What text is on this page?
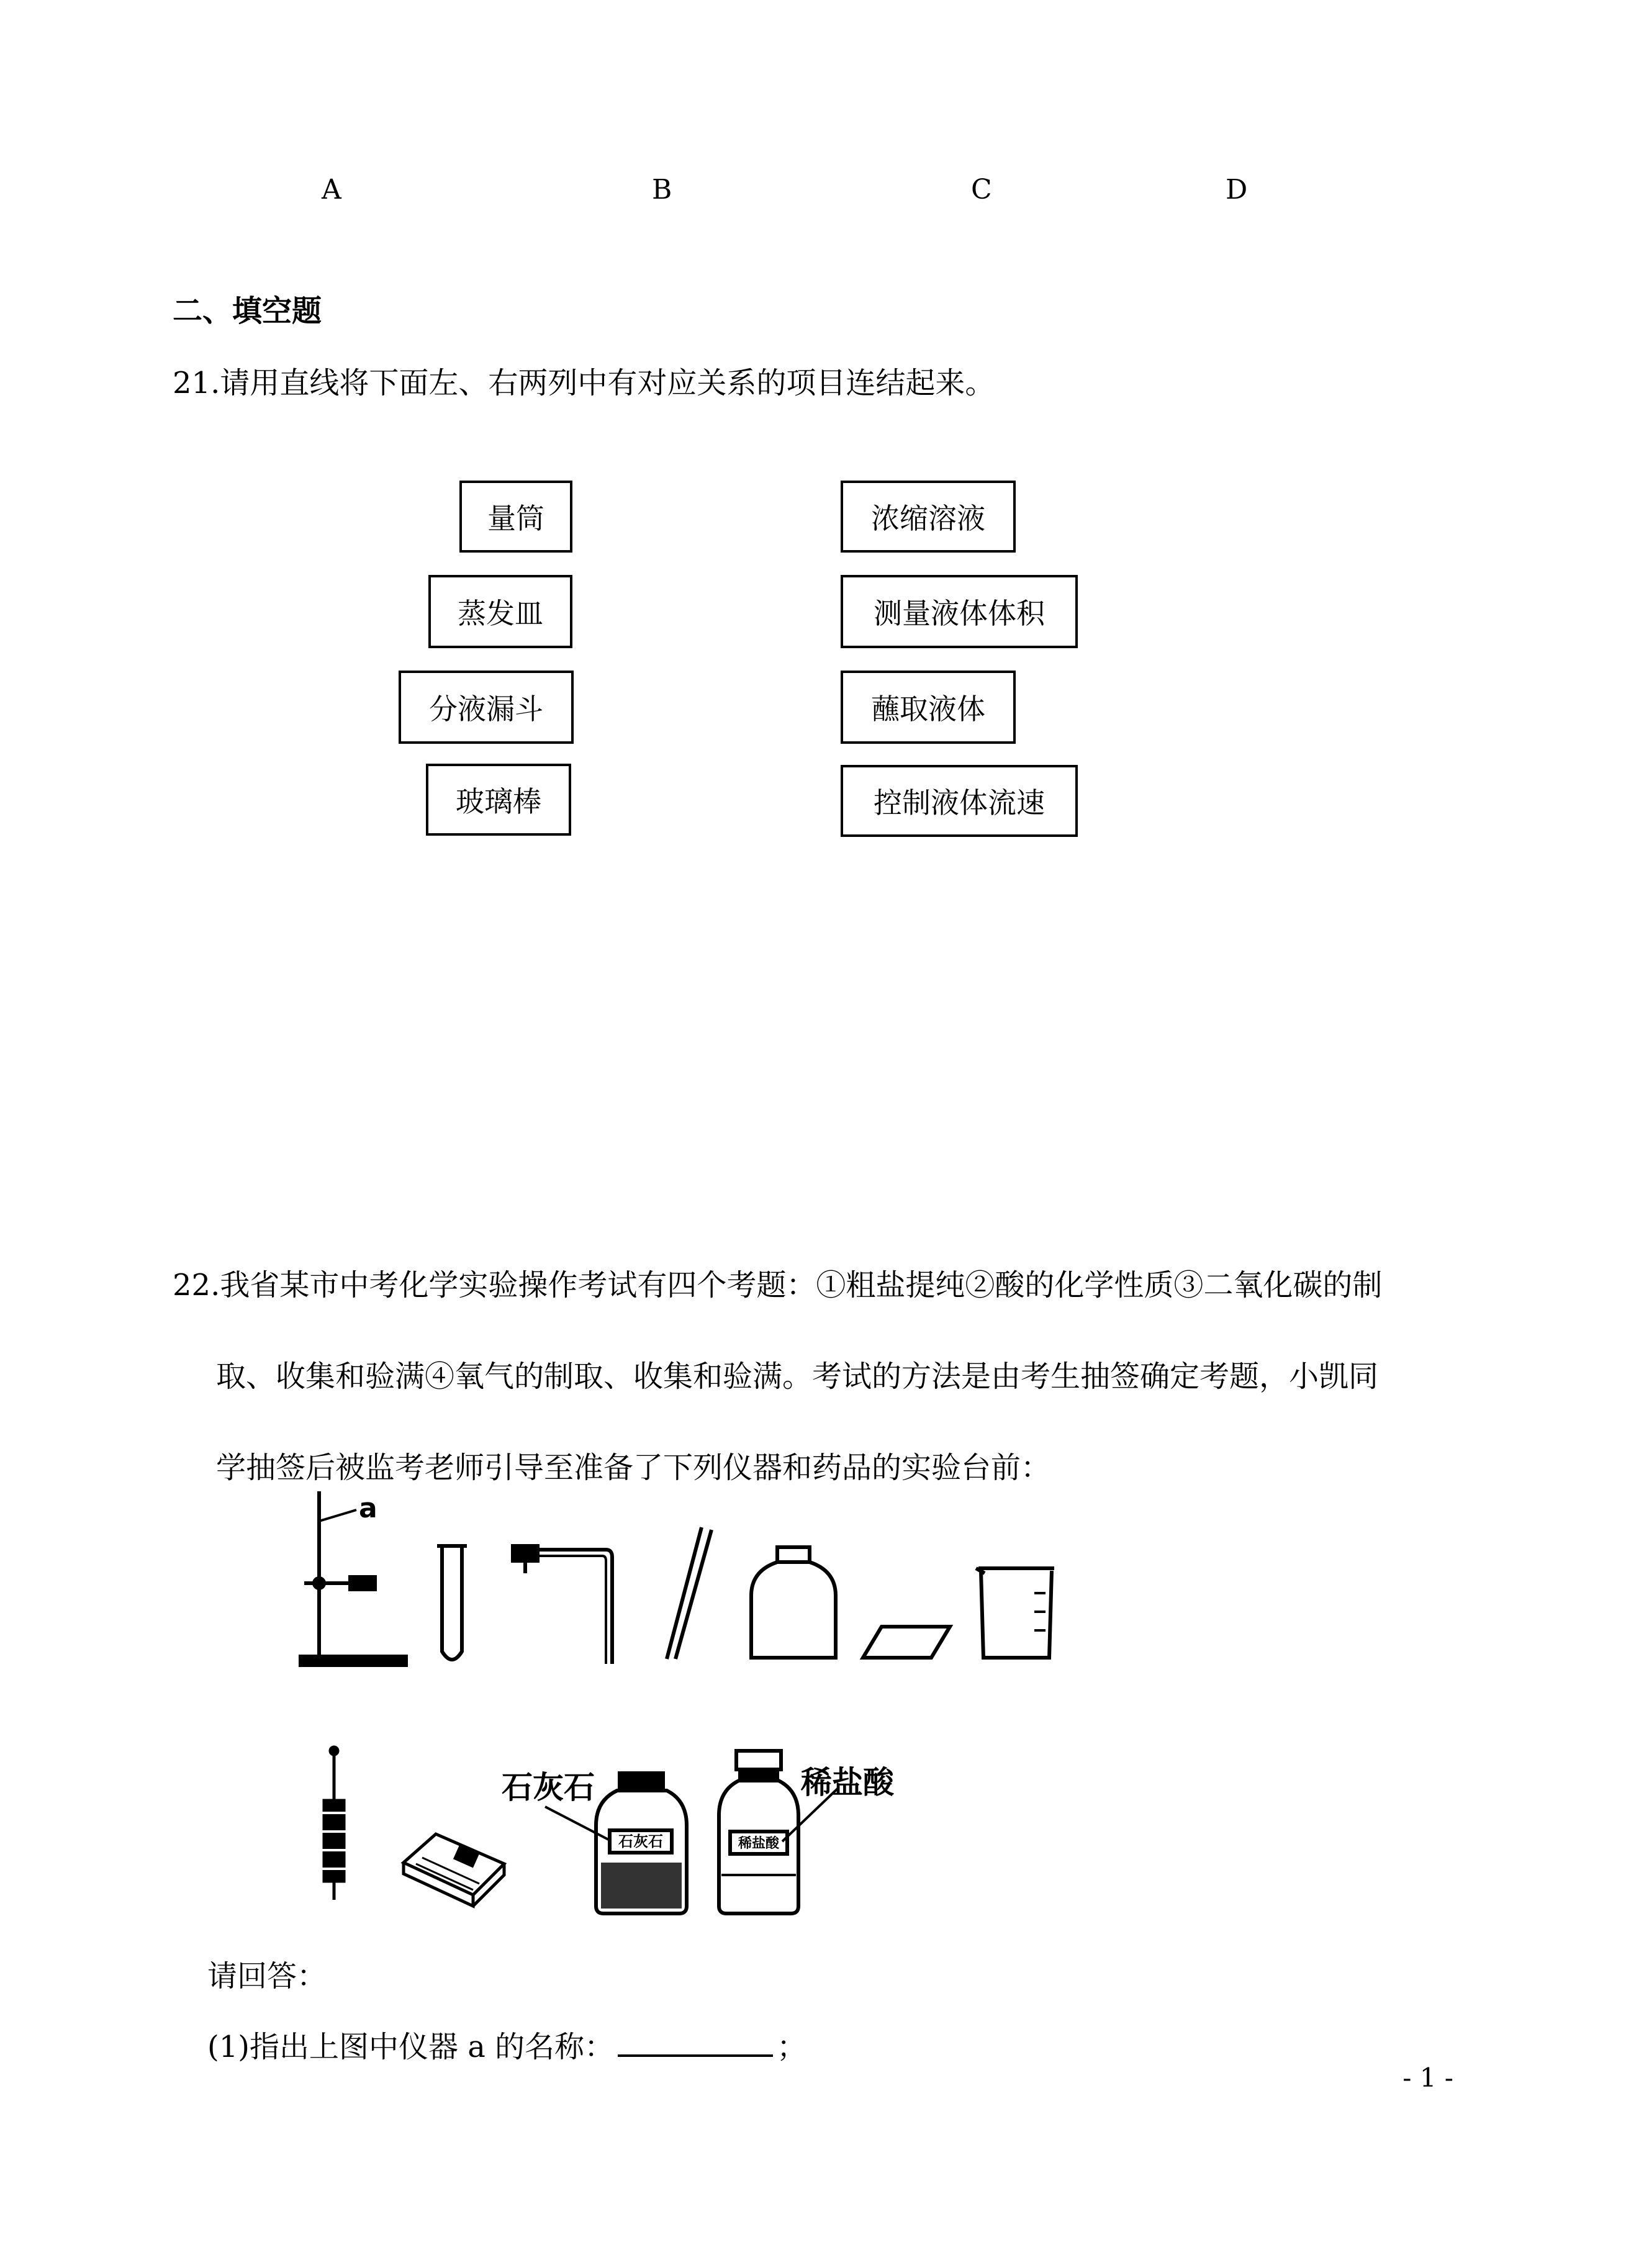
A	B	C	D
二、填空题
21.请用直线将下面左、右两列中有对应关系的项目连结起来。
量筒
蒸发皿
分液漏斗
玻璃棒
浓缩溶液
测量液体体积
蘸取液体
控制液体流速
22.我省某市中考化学实验操作考试有四个考题：①粗盐提纯②酸的化学性质③二氧化碳的制
取、收集和验满④氧气的制取、收集和验满。考试的方法是由考生抽签确定考题，小凯同
学抽签后被监考老师引导至准备了下列仪器和药品的实验台前：
a
石灰石
石灰石
稀盐酸
稀盐酸
请回答：
(1)指出上图中仪器 a 的名称：	；
- 1 -
